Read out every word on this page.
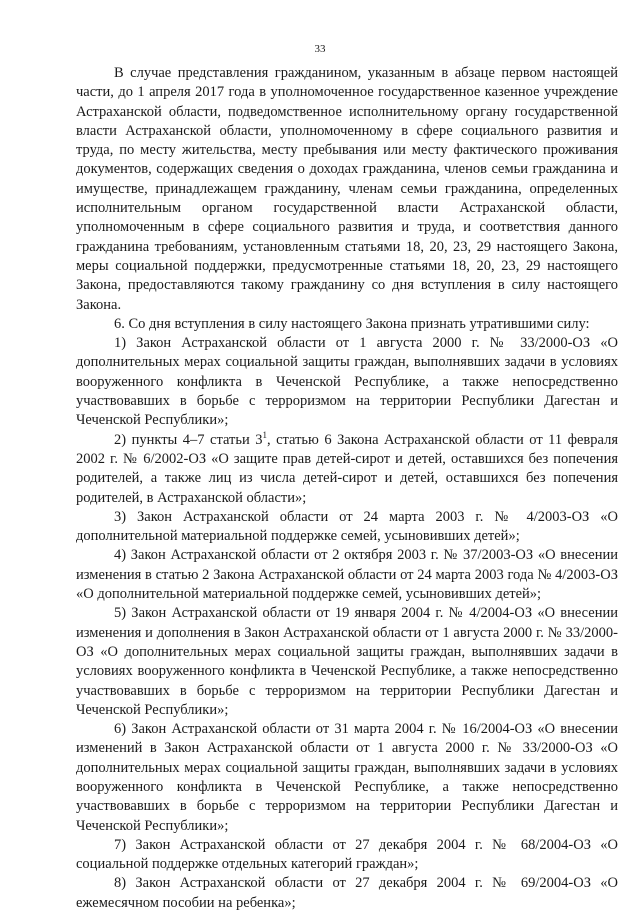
33

В случае представления гражданином, указанным в абзаце первом настоящей части, до 1 апреля 2017 года в уполномоченное государственное казенное учреждение Астраханской области, подведомственное исполнительному органу государственной власти Астраханской области, уполномоченному в сфере социального развития и труда, по месту жительства, месту пребывания или месту фактического проживания документов, содержащих сведения о доходах гражданина, членов семьи гражданина и имуществе, принадлежащем гражданину, членам семьи гражданина, определенных исполнительным органом государственной власти Астраханской области, уполномоченным в сфере социального развития и труда, и соответствия данного гражданина требованиям, установленным статьями 18, 20, 23, 29 настоящего Закона, меры социальной поддержки, предусмотренные статьями 18, 20, 23, 29 настоящего Закона, предоставляются такому гражданину со дня вступления в силу настоящего Закона.

6. Со дня вступления в силу настоящего Закона признать утратившими силу:

1) Закон Астраханской области от 1 августа 2000 г. № 33/2000-ОЗ «О дополнительных мерах социальной защиты граждан, выполнявших задачи в условиях вооруженного конфликта в Чеченской Республике, а также непосредственно участвовавших в борьбе с терроризмом на территории Республики Дагестан и Чеченской Республики»;

2) пункты 4–7 статьи $3^1$, статью 6 Закона Астраханской области от 11 февраля 2002 г. № 6/2002-ОЗ «О защите прав детей-сирот и детей, оставшихся без попечения родителей, а также лиц из числа детей-сирот и детей, оставшихся без попечения родителей, в Астраханской области»;

3) Закон Астраханской области от 24 марта 2003 г. № 4/2003-ОЗ «О дополнительной материальной поддержке семей, усыновивших детей»;

4) Закон Астраханской области от 2 октября 2003 г. № 37/2003-ОЗ «О внесении изменения в статью 2 Закона Астраханской области от 24 марта 2003 года № 4/2003-ОЗ «О дополнительной материальной поддержке семей, усыновивших детей»;

5) Закон Астраханской области от 19 января 2004 г. № 4/2004-ОЗ «О внесении изменения и дополнения в Закон Астраханской области от 1 августа 2000 г. № 33/2000-ОЗ «О дополнительных мерах социальной защиты граждан, выполнявших задачи в условиях вооруженного конфликта в Чеченской Республике, а также непосредственно участвовавших в борьбе с терроризмом на территории Республики Дагестан и Чеченской Республики»;

6) Закон Астраханской области от 31 марта 2004 г. № 16/2004-ОЗ «О внесении изменений в Закон Астраханской области от 1 августа 2000 г. № 33/2000-ОЗ «О дополнительных мерах социальной защиты граждан, выполнявших задачи в условиях вооруженного конфликта в Чеченской Республике, а также непосредственно участвовавших в борьбе с терроризмом на территории Республики Дагестан и Чеченской Республики»;

7) Закон Астраханской области от 27 декабря 2004 г. № 68/2004-ОЗ «О социальной поддержке отдельных категорий граждан»;

8) Закон Астраханской области от 27 декабря 2004 г. № 69/2004-ОЗ «О ежемесячном пособии на ребенка»;
